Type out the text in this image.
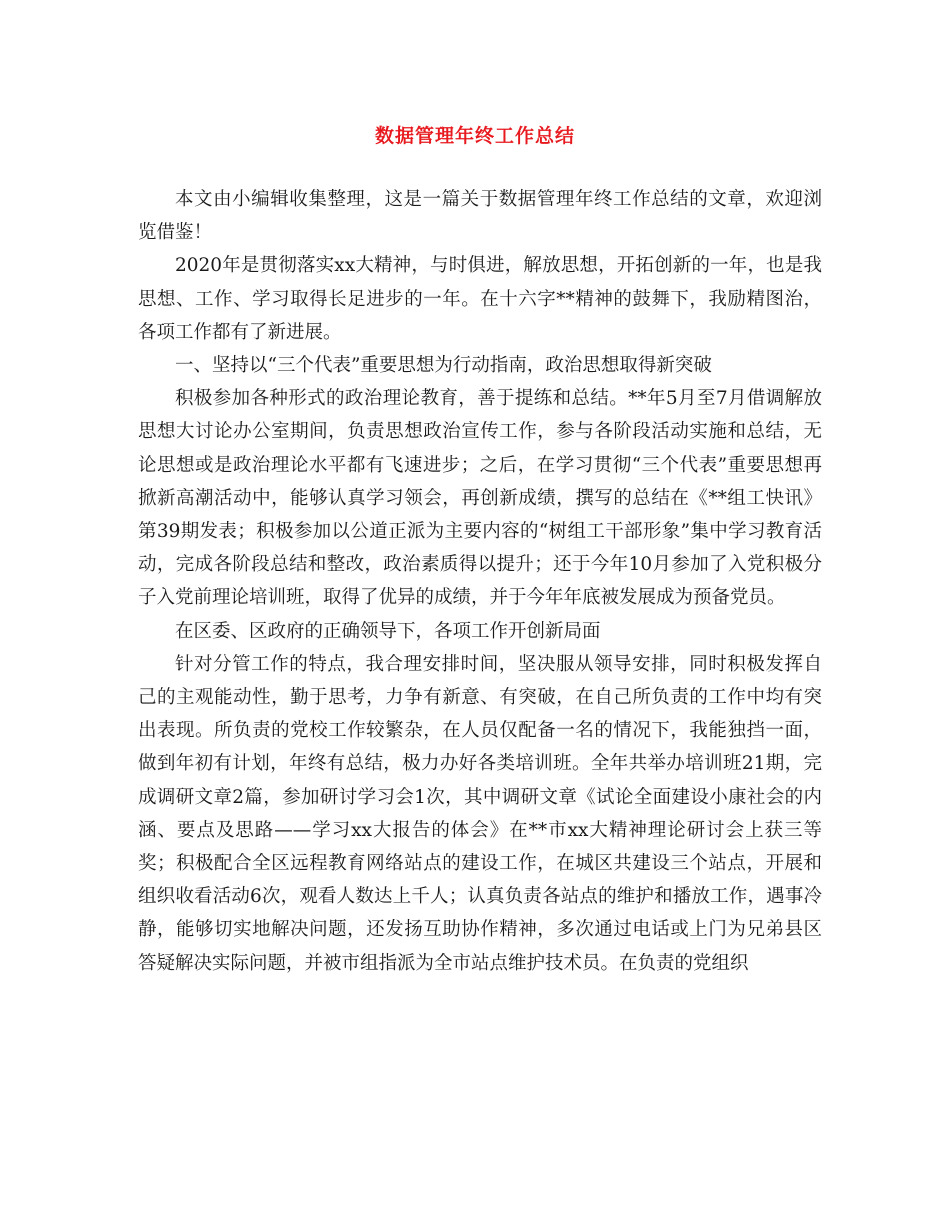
数据管理年终工作总结

本文由小编辑收集整理，这是一篇关于数据管理年终工作总结的文章，欢迎浏览借鉴！

2020年是贯彻落实xx大精神，与时俱进，解放思想，开拓创新的一年，也是我思想、工作、学习取得长足进步的一年。在十六字**精神的鼓舞下，我励精图治，各项工作都有了新进展。

一、坚持以“三个代表”重要思想为行动指南，政治思想取得新突破

积极参加各种形式的政治理论教育，善于提练和总结。**年5月至7月借调解放思想大讨论办公室期间，负责思想政治宣传工作，参与各阶段活动实施和总结，无论思想或是政治理论水平都有飞速进步；之后，在学习贯彻“三个代表”重要思想再掀新高潮活动中，能够认真学习领会，再创新成绩，撰写的总结在《**组工快讯》第39期发表；积极参加以公道正派为主要内容的“树组工干部形象”集中学习教育活动，完成各阶段总结和整改，政治素质得以提升；还于今年10月参加了入党积极分子入党前理论培训班，取得了优异的成绩，并于今年年底被发展成为预备党员。

在区委、区政府的正确领导下，各项工作开创新局面

针对分管工作的特点，我合理安排时间，坚决服从领导安排，同时积极发挥自己的主观能动性，勤于思考，力争有新意、有突破，在自己所负责的工作中均有突出表现。所负责的党校工作较繁杂，在人员仅配备一名的情况下，我能独挡一面，做到年初有计划，年终有总结，极力办好各类培训班。全年共举办培训班21期，完成调研文章2篇，参加研讨学习会1次，其中调研文章《试论全面建设小康社会的内涵、要点及思路——学习xx大报告的体会》在**市xx大精神理论研讨会上获三等奖；积极配合全区远程教育网络站点的建设工作，在城区共建设三个站点，开展和组织收看活动6次，观看人数达上千人；认真负责各站点的维护和播放工作，遇事冷静，能够切实地解决问题，还发扬互助协作精神，多次通过电话或上门为兄弟县区答疑解决实际问题，并被市组指派为全市站点维护技术员。在负责的党组织
